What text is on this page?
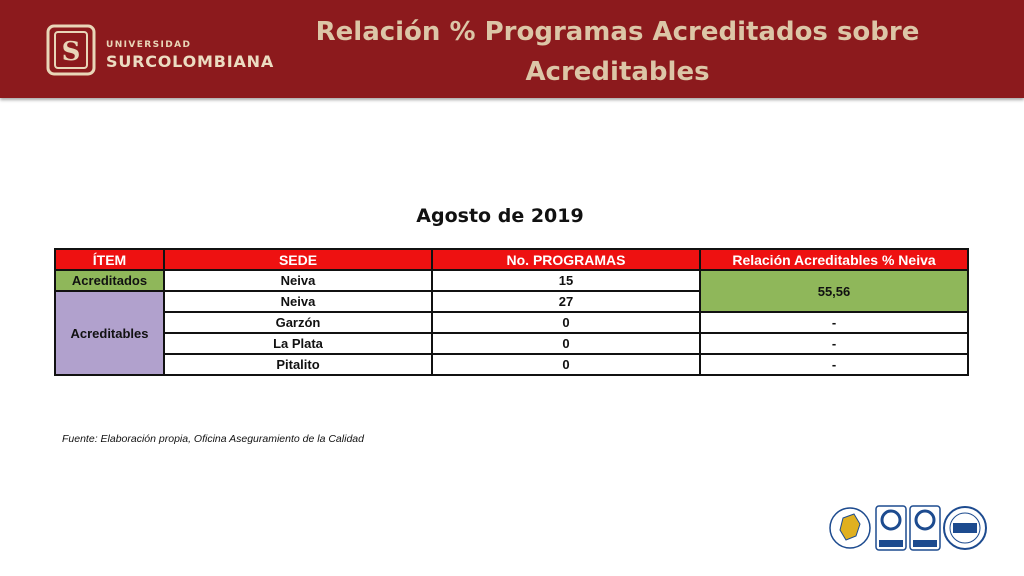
S	UNIVERSIDAD
SURCOLOMBIANA
Relación % Programas Acreditados sobre Acreditables
Agosto de 2019
ÍTEM	SEDE	No. PROGRAMAS	Relación Acreditables % Neiva
Acreditados	Neiva	15	55,56
Acreditables	Neiva	27	
	Garzón	0	-
	La Plata	0	-
	Pitalito	0	-
Fuente: Elaboración propia, Oficina Aseguramiento de la Calidad
